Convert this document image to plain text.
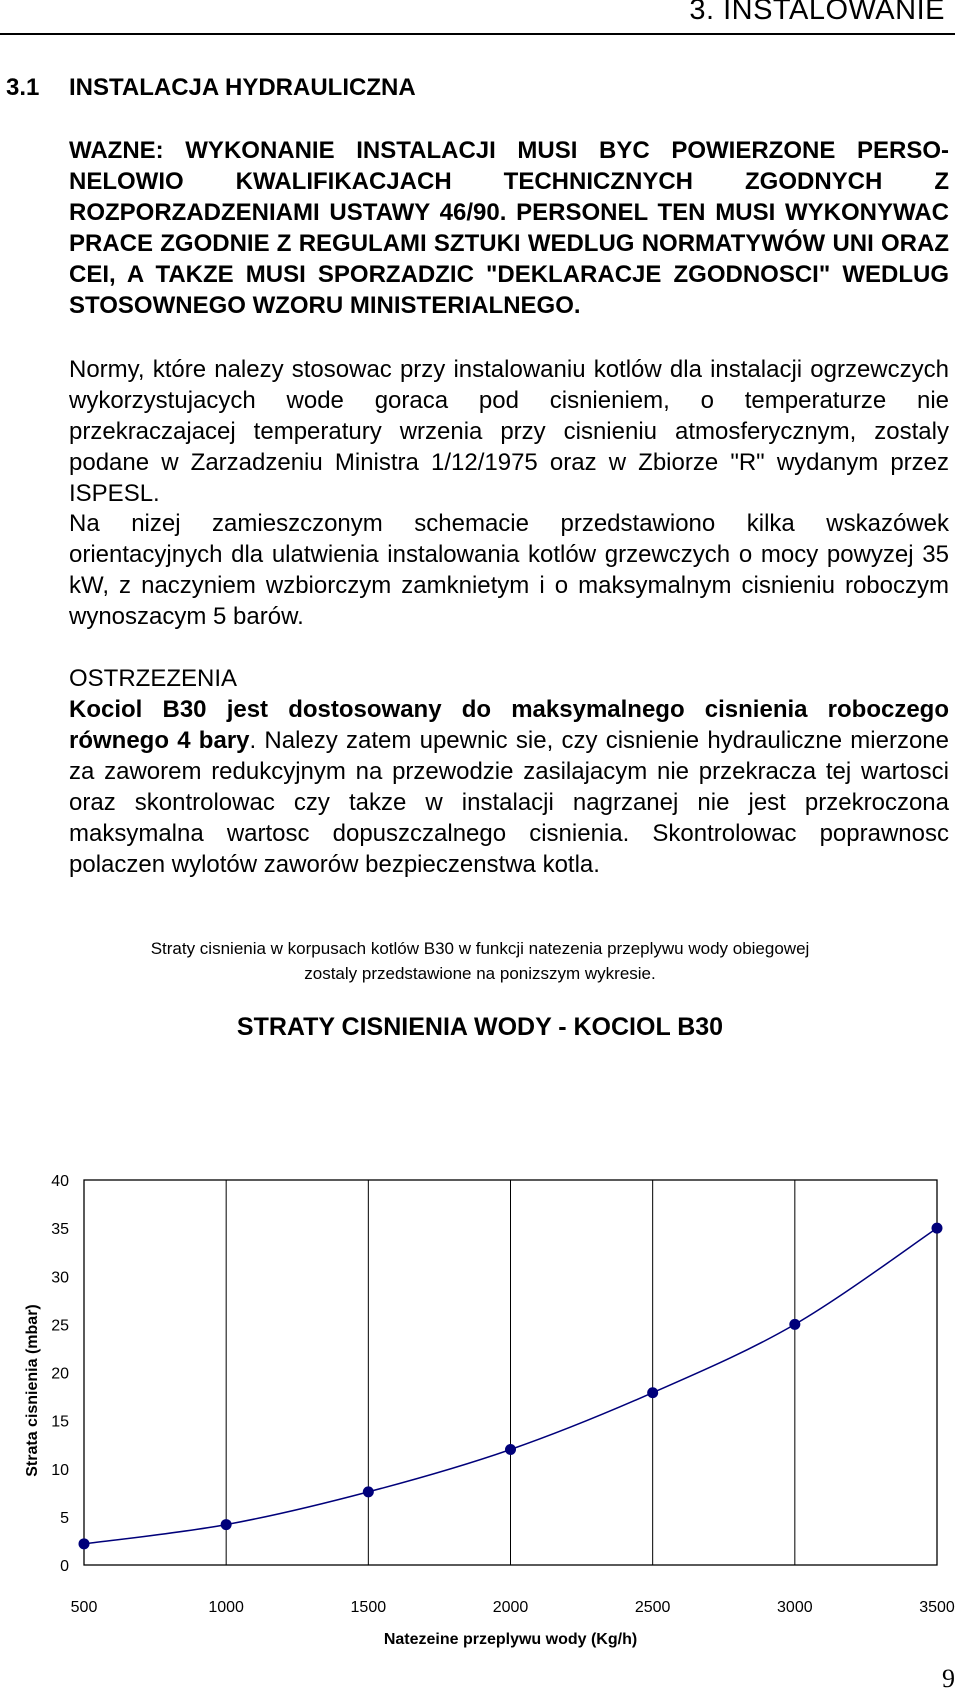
3. INSTALOWANIE
3.1 INSTALACJA HYDRAULICZNA
WAZNE: WYKONANIE INSTALACJI MUSI BYC POWIERZONE PERSO-NELOWIO KWALIFIKACJACH TECHNICZNYCH ZGODNYCH Z ROZPORZADZENIAMI USTAWY 46/90. PERSONEL TEN MUSI WYKONYWAC PRACE ZGODNIE Z REGULAMI SZTUKI WEDLUG NORMATYWÓW UNI ORAZ CEI, A TAKZE MUSI SPORZADZIC "DEKLARACJE ZGODNOSCI" WEDLUG STOSOWNEGO WZORU MINISTERIALNEGO.
Normy, które nalezy stosowac przy instalowaniu kotlów dla instalacji ogrzewczych wykorzystujacych wode goraca pod cisnieniem, o temperaturze nie przekraczajacej temperatury wrzenia przy cisnieniu atmosferycznym, zostaly podane w Zarzadzeniu Ministra 1/12/1975 oraz w Zbiorze "R" wydanym przez ISPESL.
Na nizej zamieszczonym schemacie przedstawiono kilka wskazówek orientacyjnych dla ulatwienia instalowania kotlów grzewczych o mocy powyzej 35 kW, z naczyniem wzbiorczym zamknietym i o maksymalnym cisnieniu roboczym wynoszacym 5 barów.
OSTRZEZENIA
Kociol B30 jest dostosowany do maksymalnego cisnienia roboczego równego 4 bary. Nalezy zatem upewnic sie, czy cisnienie hydrauliczne mierzone za zaworem redukcyjnym na przewodzie zasilajacym nie przekracza tej wartosci oraz skontrolowac czy takze w instalacji nagrzanej nie jest przekroczona maksymalna wartosc dopuszczalnego cisnienia. Skontrolowac poprawnosc polaczen wylotów zaworów bezpieczenstwa kotla.
Straty cisnienia w korpusach kotlów B30 w funkcji natezenia przeplywu wody obiegowej
zostaly przedstawione na ponizszym wykresie.
STRATY CISNIENIA WODY - KOCIOL B30
0
5
10
15
20
25
30
35
40
500	1000	1500	2000	2500	3000	3500
Natezeine przeplywu wody (Kg/h)
Strata cisnienia (mbar)
9
